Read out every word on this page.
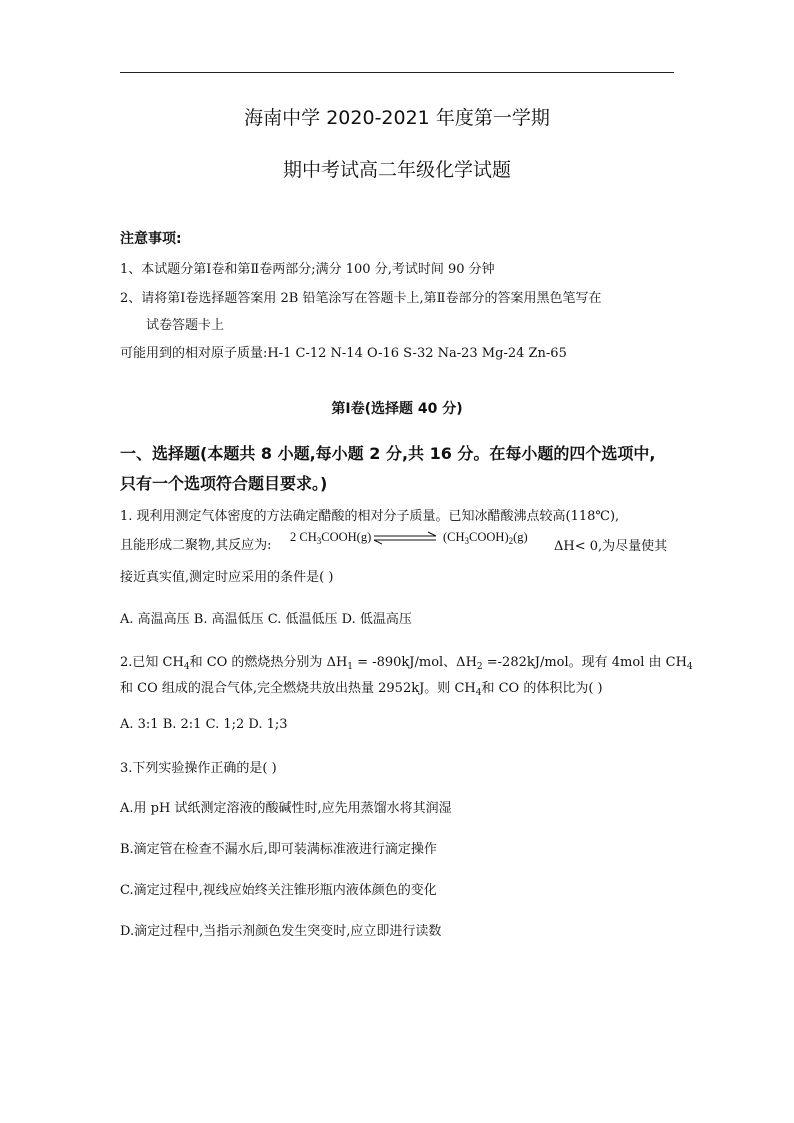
海南中学 2020-2021 年度第一学期
期中考试高二年级化学试题
注意事项:
1、本试题分第Ⅰ卷和第Ⅱ卷两部分;满分 100 分,考试时间 90 分钟
2、请将第Ⅰ卷选择题答案用 2B 铅笔涂写在答题卡上,第Ⅱ卷部分的答案用黑色笔写在
试卷答题卡上
可能用到的相对原子质量:H-1 C-12 N-14 O-16 S-32 Na-23 Mg-24 Zn-65
第Ⅰ卷(选择题 40 分)
一、选择题(本题共 8 小题,每小题 2 分,共 16 分。在每小题的四个选项中,
只有一个选项符合题目要求。)
1. 现利用测定气体密度的方法确定醋酸的相对分子质量。已知冰醋酸沸点较高(118℃),
且能形成二聚物,其反应为:
2 $CH_3COOH(g)$	$(CH_3COOH)_2(g)$
ΔH< 0,为尽量使其
接近真实值,测定时应采用的条件是( )
A. 高温高压 B. 高温低压 C. 低温低压 D. 低温高压
2.已知 $CH_4$和 CO 的燃烧热分别为 $\Delta H_1 = -890kJ/mol$、$\Delta H_2 =-282kJ/mol$。现有 4mol 由 $CH_4$
和 CO 组成的混合气体,完全燃烧共放出热量 2952kJ。则 $CH_4$和 CO 的体积比为( )
A. 3:1 B. 2:1 C. 1;2 D. 1;3
3.下列实验操作正确的是( )
A.用 pH 试纸测定溶液的酸碱性时,应先用蒸馏水将其润湿
B.滴定管在检查不漏水后,即可装满标准液进行滴定操作
C.滴定过程中,视线应始终关注锥形瓶内液体颜色的变化
D.滴定过程中,当指示剂颜色发生突变时,应立即进行读数
